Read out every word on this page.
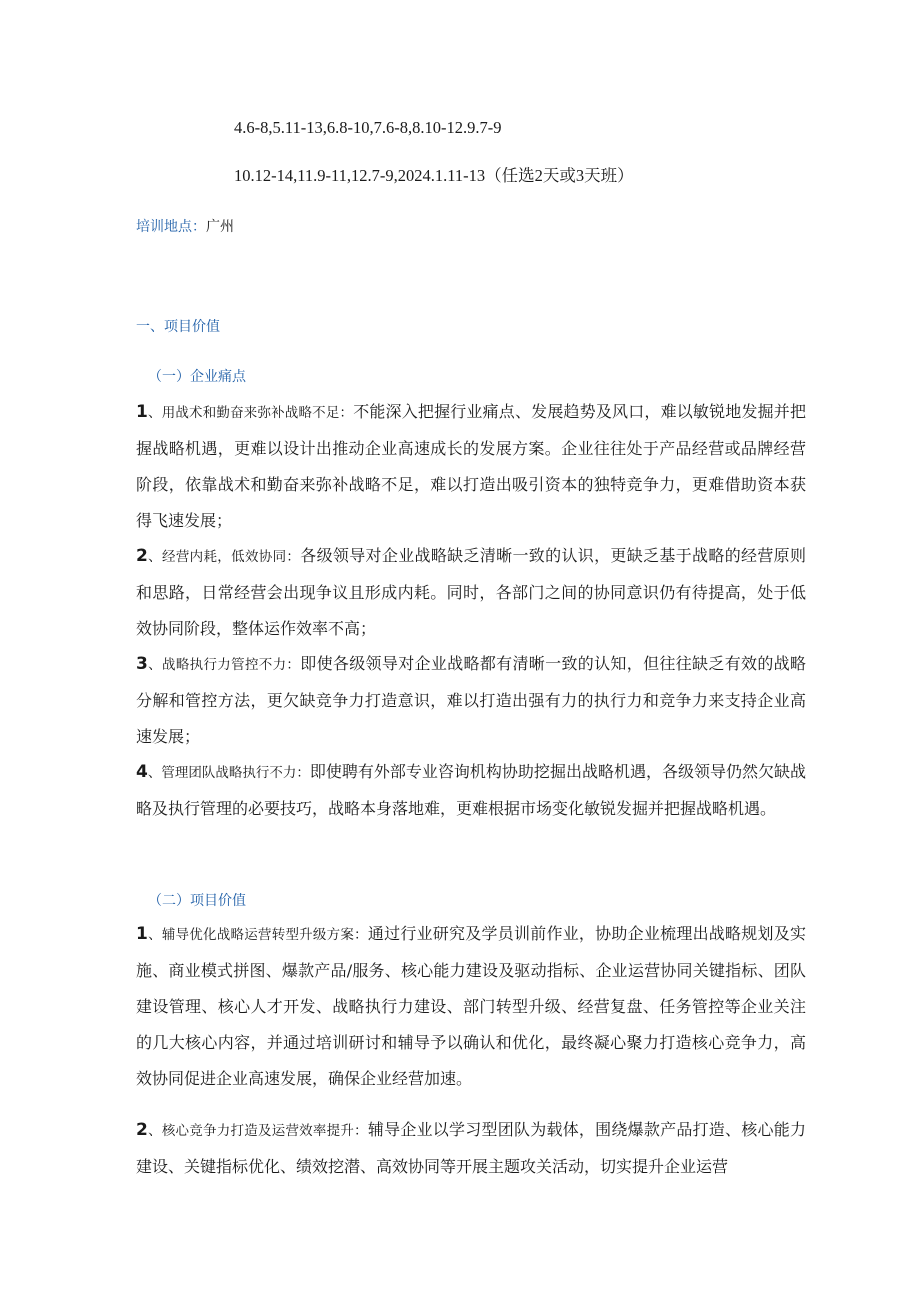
4.6-8,5.11-13,6.8-10,7.6-8,8.10-12.9.7-9
10.12-14,11.9-11,12.7-9,2024.1.11-13（任选2天或3天班）
培训地点：广州
一、项目价值
（一）企业痛点
1、用战术和勤奋来弥补战略不足：不能深入把握行业痛点、发展趋势及风口，难以敏锐地发掘并把握战略机遇，更难以设计出推动企业高速成长的发展方案。企业往往处于产品经营或品牌经营阶段，依靠战术和勤奋来弥补战略不足，难以打造出吸引资本的独特竞争力，更难借助资本获得飞速发展；
2、经营内耗，低效协同：各级领导对企业战略缺乏清晰一致的认识，更缺乏基于战略的经营原则和思路，日常经营会出现争议且形成内耗。同时，各部门之间的协同意识仍有待提高，处于低效协同阶段，整体运作效率不高；
3、战略执行力管控不力：即使各级领导对企业战略都有清晰一致的认知，但往往缺乏有效的战略分解和管控方法，更欠缺竞争力打造意识，难以打造出强有力的执行力和竞争力来支持企业高速发展；
4、管理团队战略执行不力：即使聘有外部专业咨询机构协助挖掘出战略机遇，各级领导仍然欠缺战略及执行管理的必要技巧，战略本身落地难，更难根据市场变化敏锐发掘并把握战略机遇。
（二）项目价值
1、辅导优化战略运营转型升级方案：通过行业研究及学员训前作业，协助企业梳理出战略规划及实施、商业模式拼图、爆款产品/服务、核心能力建设及驱动指标、企业运营协同关键指标、团队建设管理、核心人才开发、战略执行力建设、部门转型升级、经营复盘、任务管控等企业关注的几大核心内容，并通过培训研讨和辅导予以确认和优化，最终凝心聚力打造核心竞争力，高效协同促进企业高速发展，确保企业经营加速。
2、核心竞争力打造及运营效率提升：辅导企业以学习型团队为载体，围绕爆款产品打造、核心能力建设、关键指标优化、绩效挖潜、高效协同等开展主题攻关活动，切实提升企业运营
